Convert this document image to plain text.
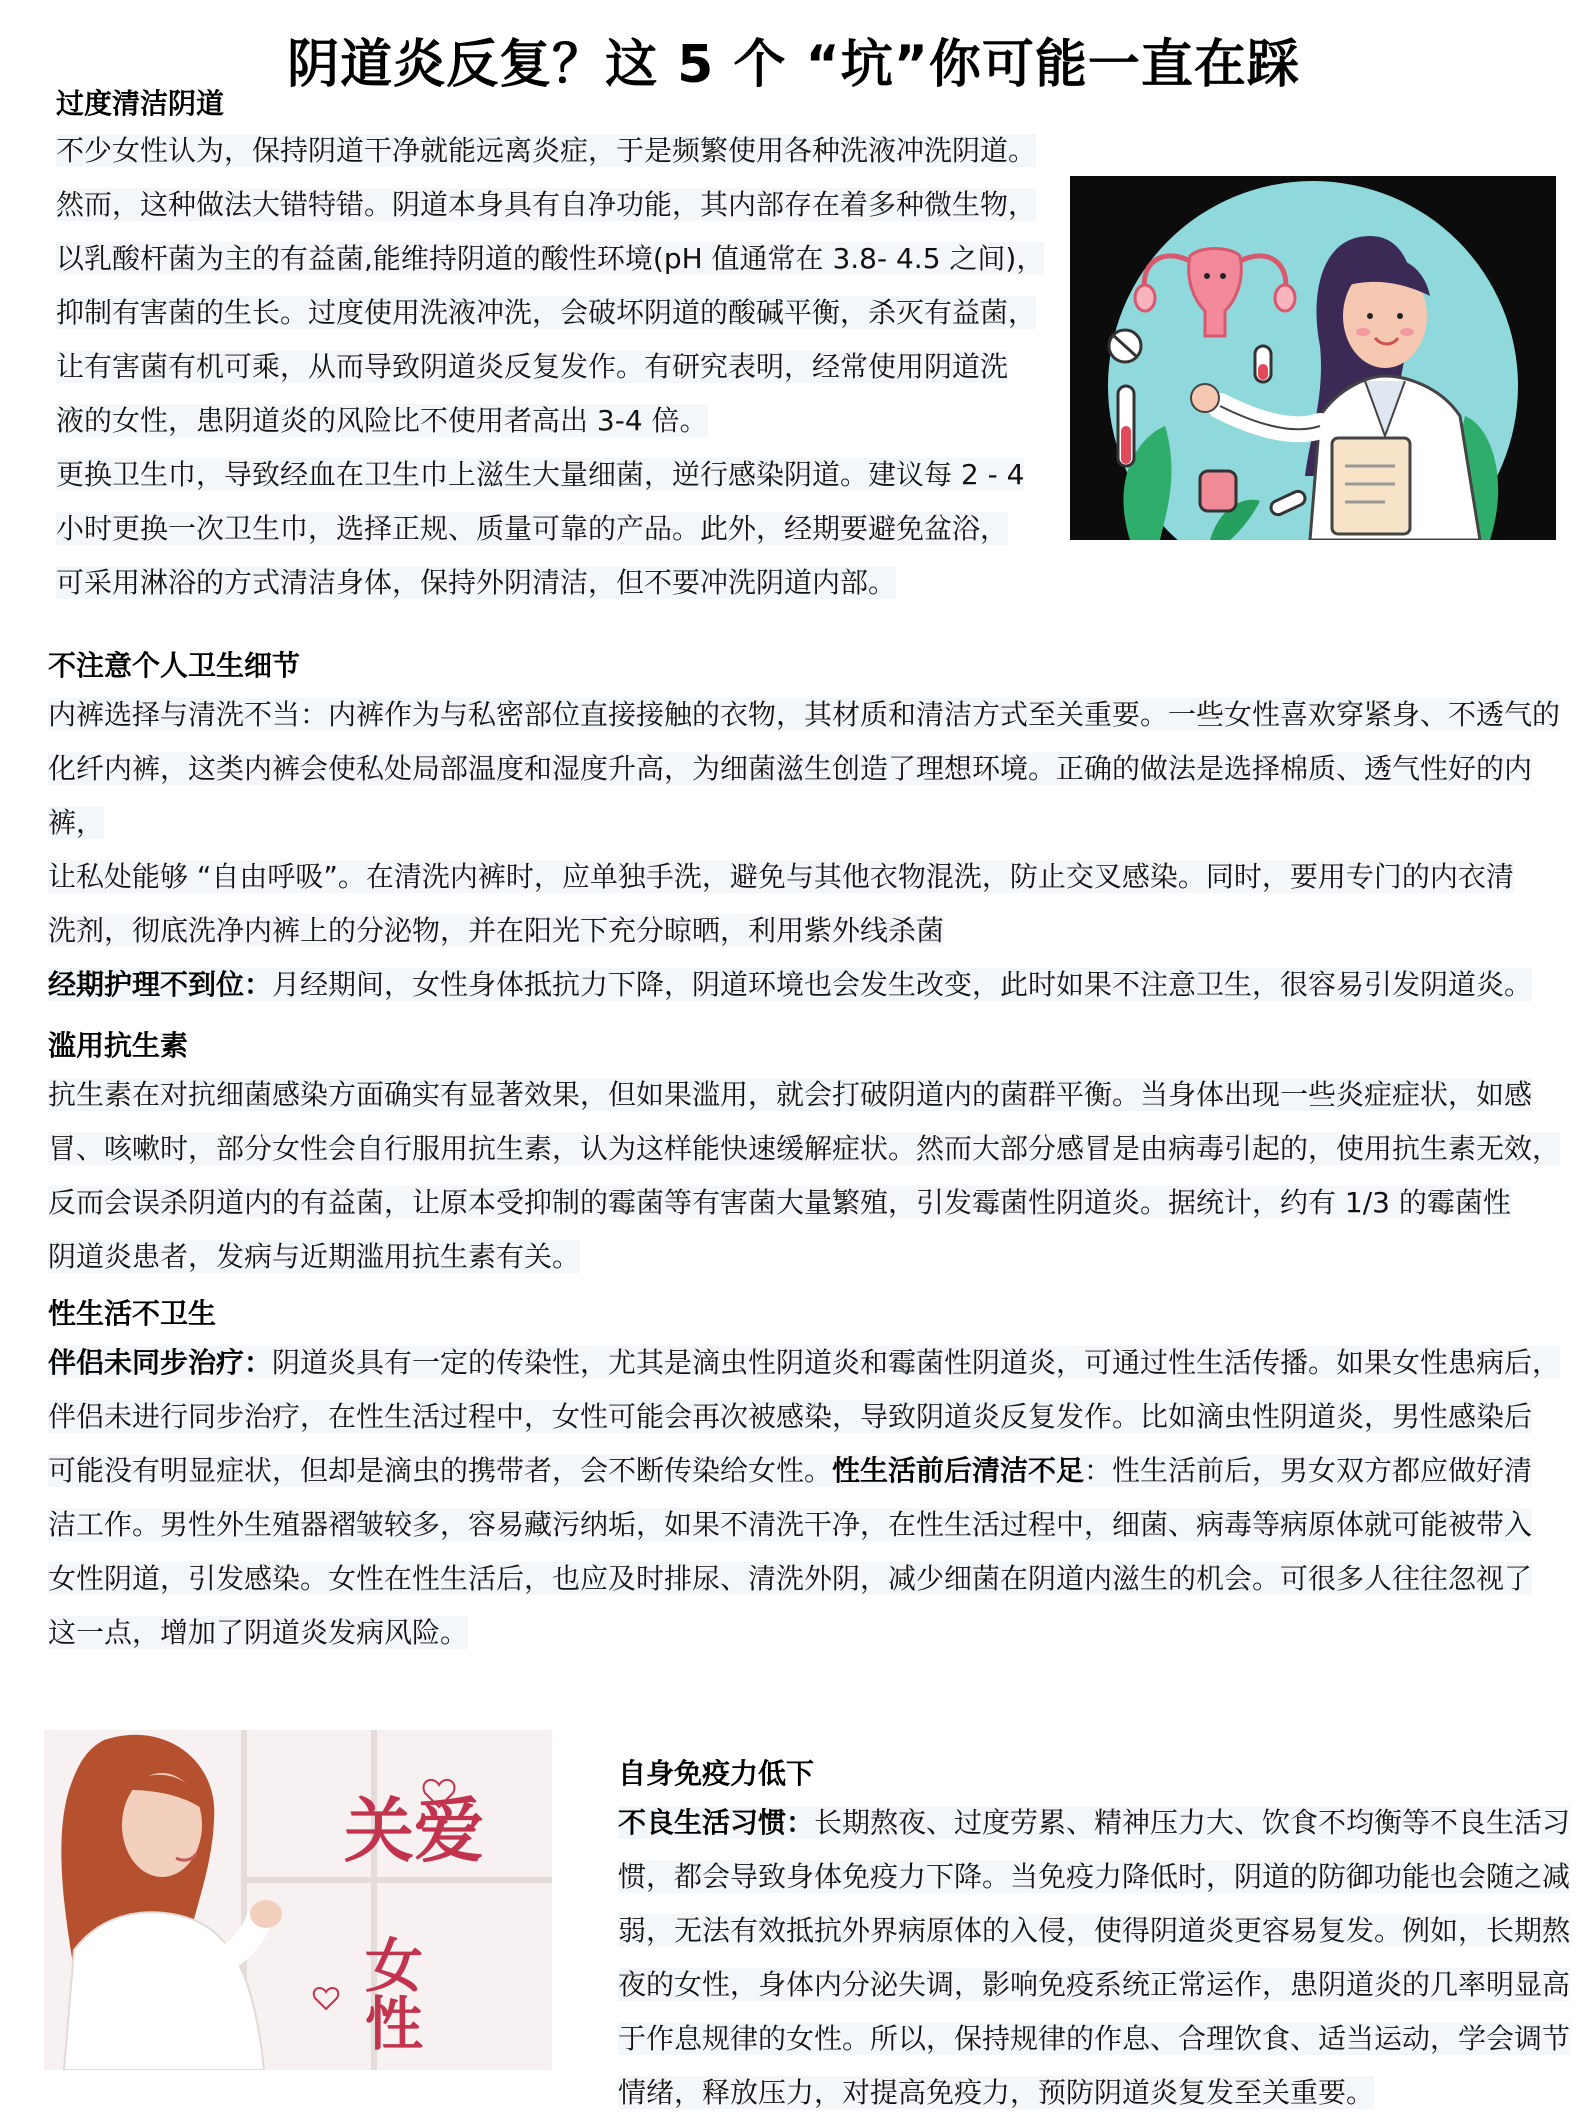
阴道炎反复？这 5 个 “坑”你可能一直在踩
过度清洁阴道
不少女性认为，保持阴道干净就能远离炎症，于是频繁使用各种洗液冲洗阴道。
然而，这种做法大错特错。阴道本身具有自净功能，其内部存在着多种微生物，
以乳酸杆菌为主的有益菌,能维持阴道的酸性环境(pH 值通常在 3.8- 4.5 之间)，
抑制有害菌的生长。过度使用洗液冲洗，会破坏阴道的酸碱平衡，杀灭有益菌，
让有害菌有机可乘，从而导致阴道炎反复发作。有研究表明，经常使用阴道洗
液的女性，患阴道炎的风险比不使用者高出 3-4 倍。
更换卫生巾，导致经血在卫生巾上滋生大量细菌，逆行感染阴道。建议每 2 - 4
小时更换一次卫生巾，选择正规、质量可靠的产品。此外，经期要避免盆浴，
可采用淋浴的方式清洁身体，保持外阴清洁，但不要冲洗阴道内部。
不注意个人卫生细节
内裤选择与清洗不当：内裤作为与私密部位直接接触的衣物，其材质和清洁方式至关重要。一些女性喜欢穿紧身、不透气的
化纤内裤，这类内裤会使私处局部温度和湿度升高，为细菌滋生创造了理想环境。正确的做法是选择棉质、透气性好的内裤，
让私处能够 “自由呼吸”。在清洗内裤时，应单独手洗，避免与其他衣物混洗，防止交叉感染。同时，要用专门的内衣清
洗剂，彻底洗净内裤上的分泌物，并在阳光下充分晾晒，利用紫外线杀菌
经期护理不到位：月经期间，女性身体抵抗力下降，阴道环境也会发生改变，此时如果不注意卫生，很容易引发阴道炎。
滥用抗生素
抗生素在对抗细菌感染方面确实有显著效果，但如果滥用，就会打破阴道内的菌群平衡。当身体出现一些炎症症状，如感
冒、咳嗽时，部分女性会自行服用抗生素，认为这样能快速缓解症状。然而大部分感冒是由病毒引起的，使用抗生素无效，
反而会误杀阴道内的有益菌，让原本受抑制的霉菌等有害菌大量繁殖，引发霉菌性阴道炎。据统计，约有 1/3 的霉菌性
阴道炎患者，发病与近期滥用抗生素有关。
性生活不卫生
伴侣未同步治疗：阴道炎具有一定的传染性，尤其是滴虫性阴道炎和霉菌性阴道炎，可通过性生活传播。如果女性患病后，
伴侣未进行同步治疗，在性生活过程中，女性可能会再次被感染，导致阴道炎反复发作。比如滴虫性阴道炎，男性感染后
可能没有明显症状，但却是滴虫的携带者，会不断传染给女性。性生活前后清洁不足：性生活前后，男女双方都应做好清
洁工作。男性外生殖器褶皱较多，容易藏污纳垢，如果不清洗干净，在性生活过程中，细菌、病毒等病原体就可能被带入
女性阴道，引发感染。女性在性生活后，也应及时排尿、清洗外阴，减少细菌在阴道内滋生的机会。可很多人往往忽视了
这一点，增加了阴道炎发病风险。
关爱
女性
自身免疫力低下
不良生活习惯：长期熬夜、过度劳累、精神压力大、饮食不均衡等不良生活习
惯，都会导致身体免疫力下降。当免疫力降低时，阴道的防御功能也会随之减
弱，无法有效抵抗外界病原体的入侵，使得阴道炎更容易复发。例如，长期熬
夜的女性，身体内分泌失调，影响免疫系统正常运作，患阴道炎的几率明显高
于作息规律的女性。所以，保持规律的作息、合理饮食、适当运动，学会调节
情绪，释放压力，对提高免疫力，预防阴道炎复发至关重要。
